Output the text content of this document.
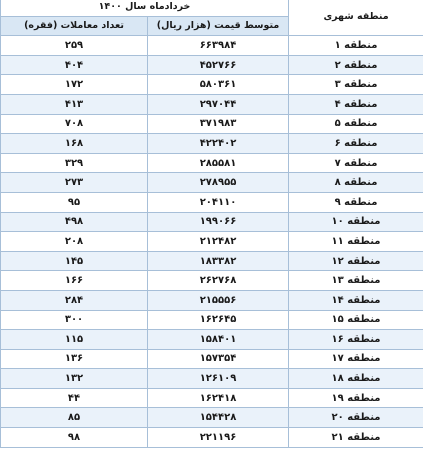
منطقه شهری	خردادماه سال ۱۴۰۰	
	متوسط قیمت (هزار ریال)	تعداد معاملات (فقره)
منطقه ۱	۶۶۳۹۸۴	۲۵۹
منطقه ۲	۴۵۲۷۶۶	۴۰۴
منطقه ۳	۵۸۰۳۶۱	۱۷۲
منطقه ۴	۲۹۷۰۴۴	۴۱۳
منطقه ۵	۳۷۱۹۸۳	۷۰۸
منطقه ۶	۴۲۲۴۰۲	۱۶۸
منطقه ۷	۲۸۵۵۸۱	۳۲۹
منطقه ۸	۲۷۸۹۵۵	۲۷۳
منطقه ۹	۲۰۴۱۱۰	۹۵
منطقه ۱۰	۱۹۹۰۶۶	۴۹۸
منطقه ۱۱	۲۱۲۴۸۲	۲۰۸
منطقه ۱۲	۱۸۳۳۸۲	۱۴۵
منطقه ۱۳	۲۶۲۷۶۸	۱۶۶
منطقه ۱۴	۲۱۵۵۵۶	۲۸۴
منطقه ۱۵	۱۶۲۶۴۵	۳۰۰
منطقه ۱۶	۱۵۸۴۰۱	۱۱۵
منطقه ۱۷	۱۵۷۳۵۴	۱۳۶
منطقه ۱۸	۱۲۶۱۰۹	۱۳۲
منطقه ۱۹	۱۶۲۴۱۸	۴۴
منطقه ۲۰	۱۵۴۴۲۸	۸۵
منطقه ۲۱	۲۲۱۱۹۶	۹۸
